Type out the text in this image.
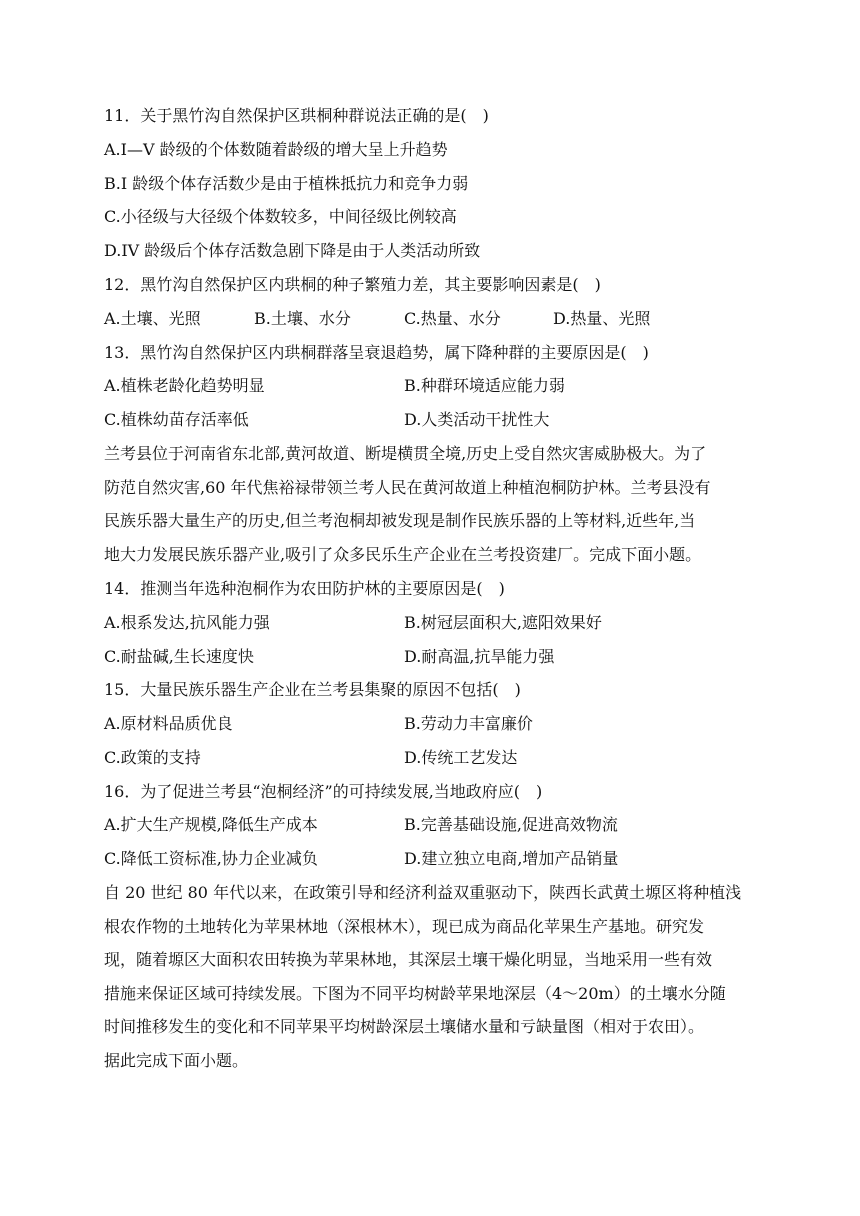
11．关于黑竹沟自然保护区珙桐种群说法正确的是(　)
A.I—V 龄级的个体数随着龄级的增大呈上升趋势
B.I 龄级个体存活数少是由于植株抵抗力和竞争力弱
C.小径级与大径级个体数较多，中间径级比例较高
D.IV 龄级后个体存活数急剧下降是由于人类活动所致
12．黑竹沟自然保护区内珙桐的种子繁殖力差，其主要影响因素是(　)
A.土壤、光照	B.土壤、水分	C.热量、水分	D.热量、光照
13．黑竹沟自然保护区内珙桐群落呈衰退趋势，属下降种群的主要原因是(　)
A.植株老龄化趋势明显	B.种群环境适应能力弱
C.植株幼苗存活率低	D.人类活动干扰性大
兰考县位于河南省东北部,黄河故道、断堤横贯全境,历史上受自然灾害威胁极大。为了
防范自然灾害,60 年代焦裕禄带领兰考人民在黄河故道上种植泡桐防护林。兰考县没有
民族乐器大量生产的历史,但兰考泡桐却被发现是制作民族乐器的上等材料,近些年,当
地大力发展民族乐器产业,吸引了众多民乐生产企业在兰考投资建厂。完成下面小题。
14．推测当年选种泡桐作为农田防护林的主要原因是(　)
A.根系发达,抗风能力强	B.树冠层面积大,遮阳效果好
C.耐盐碱,生长速度快	D.耐高温,抗旱能力强
15．大量民族乐器生产企业在兰考县集聚的原因不包括(　)
A.原材料品质优良	B.劳动力丰富廉价
C.政策的支持	D.传统工艺发达
16．为了促进兰考县“泡桐经济”的可持续发展,当地政府应(　)
A.扩大生产规模,降低生产成本	B.完善基础设施,促进高效物流
C.降低工资标准,协力企业减负	D.建立独立电商,增加产品销量
自 20 世纪 80 年代以来，在政策引导和经济利益双重驱动下，陕西长武黄土塬区将种植浅
根农作物的土地转化为苹果林地（深根林木），现已成为商品化苹果生产基地。研究发
现，随着塬区大面积农田转换为苹果林地，其深层土壤干燥化明显，当地采用一些有效
措施来保证区域可持续发展。下图为不同平均树龄苹果地深层（4～20m）的土壤水分随
时间推移发生的变化和不同苹果平均树龄深层土壤储水量和亏缺量图（相对于农田）。
据此完成下面小题。
